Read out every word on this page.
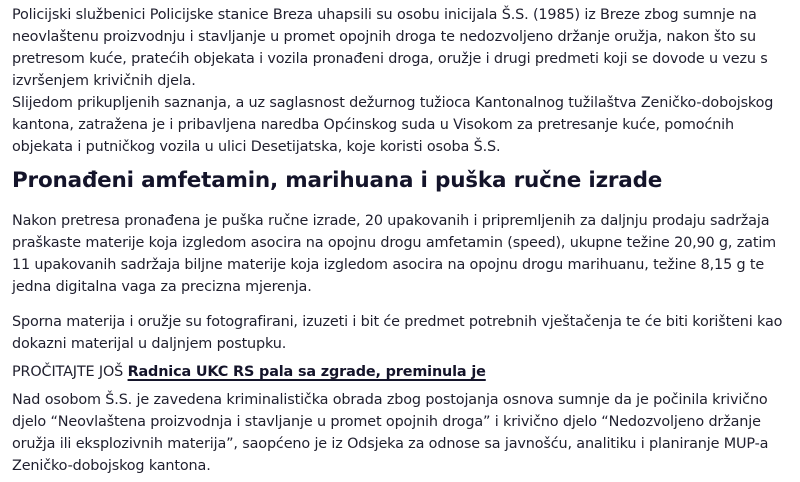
Policijski službenici Policijske stanice Breza uhapsili su osobu inicijala Š.S. (1985) iz Breze zbog sumnje na neovlaštenu proizvodnju i stavljanje u promet opojnih droga te nedozvoljeno držanje oružja, nakon što su pretresom kuće, pratećih objekata i vozila pronađeni droga, oružje i drugi predmeti koji se dovode u vezu s izvršenjem krivičnih djela.

Slijedom prikupljenih saznanja, a uz saglasnost dežurnog tužioca Kantonalnog tužilaštva Zeničko-dobojskog kantona, zatražena je i pribavljena naredba Općinskog suda u Visokom za pretresanje kuće, pomoćnih objekata i putničkog vozila u ulici Desetijatska, koje koristi osoba Š.S.

Pronađeni amfetamin, marihuana i puška ručne izrade

Nakon pretresa pronađena je puška ručne izrade, 20 upakovanih i pripremljenih za daljnju prodaju sadržaja praškaste materije koja izgledom asocira na opojnu drogu amfetamin (speed), ukupne težine 20,90 g, zatim 11 upakovanih sadržaja biljne materije koja izgledom asocira na opojnu drogu marihuanu, težine 8,15 g te jedna digitalna vaga za precizna mjerenja.

Sporna materija i oružje su fotografirani, izuzeti i bit će predmet potrebnih vještačenja te će biti korišteni kao dokazni materijal u daljnjem postupku.

PROČITAJTE JOŠ Radnica UKC RS pala sa zgrade, preminula je

Nad osobom Š.S. je zavedena kriminalistička obrada zbog postojanja osnova sumnje da je počinila krivično djelo “Neovlaštena proizvodnja i stavljanje u promet opojnih droga” i krivično djelo “Nedozvoljeno držanje oružja ili eksplozivnih materija”, saopćeno je iz Odsjeka za odnose sa javnošću, analitiku i planiranje MUP-a Zeničko-dobojskog kantona.
